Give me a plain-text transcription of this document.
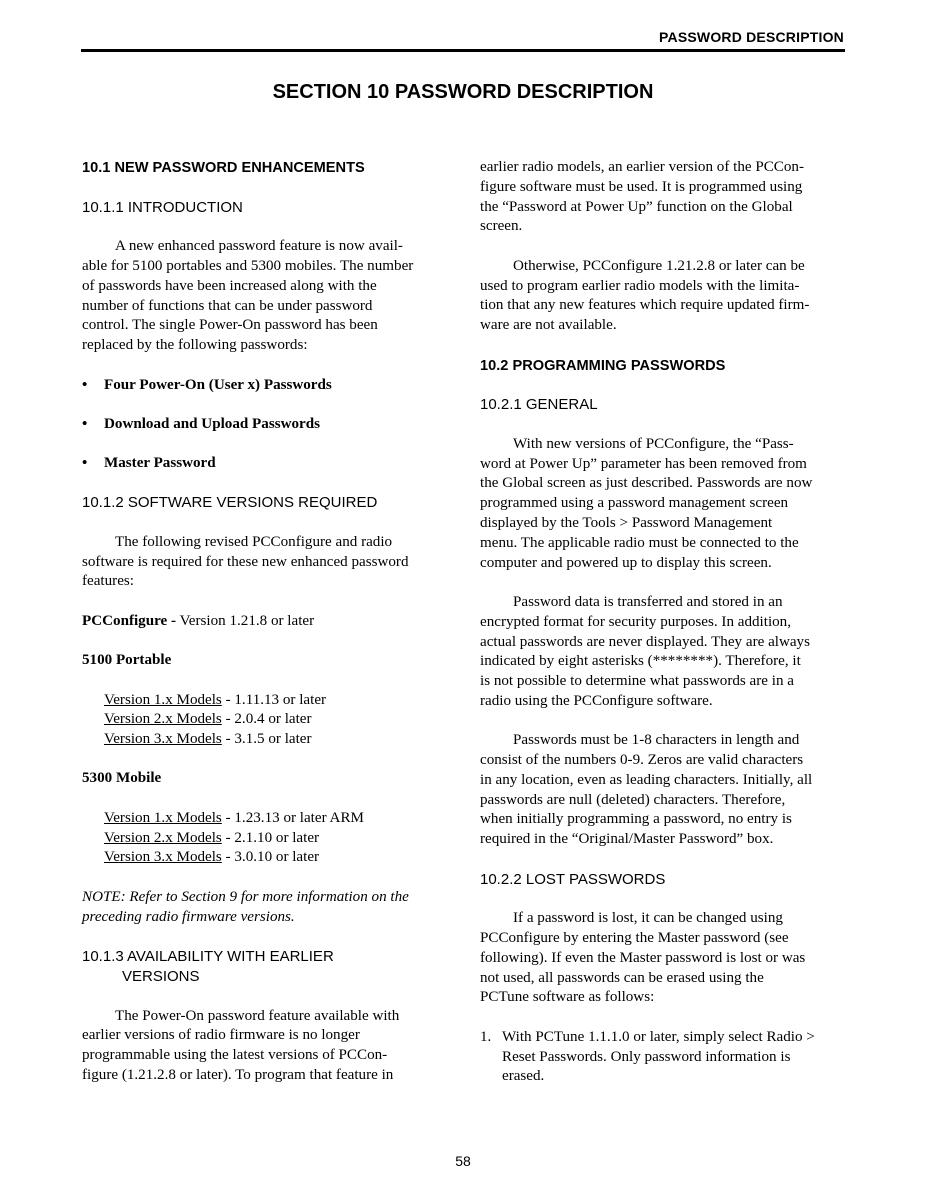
PASSWORD DESCRIPTION
SECTION 10 PASSWORD DESCRIPTION

10.1 NEW PASSWORD ENHANCEMENTS

10.1.1 INTRODUCTION

A new enhanced password feature is now avail-
able for 5100 portables and 5300 mobiles. The number
of passwords have been increased along with the
number of functions that can be under password
control. The single Power-On password has been
replaced by the following passwords:

• Four Power-On (User x) Passwords

• Download and Upload Passwords

• Master Password

10.1.2 SOFTWARE VERSIONS REQUIRED

The following revised PCConfigure and radio
software is required for these new enhanced password
features:

PCConfigure - Version 1.21.8 or later

5100 Portable

Version 1.x Models - 1.11.13 or later
Version 2.x Models - 2.0.4 or later
Version 3.x Models - 3.1.5 or later

5300 Mobile

Version 1.x Models - 1.23.13 or later ARM
Version 2.x Models - 2.1.10 or later
Version 3.x Models - 3.0.10 or later

NOTE: Refer to Section 9 for more information on the
preceding radio firmware versions.

10.1.3 AVAILABILITY WITH EARLIER
VERSIONS

The Power-On password feature available with
earlier versions of radio firmware is no longer
programmable using the latest versions of PCCon-
figure (1.21.2.8 or later). To program that feature in

earlier radio models, an earlier version of the PCCon-
figure software must be used. It is programmed using
the “Password at Power Up” function on the Global
screen.

Otherwise, PCConfigure 1.21.2.8 or later can be
used to program earlier radio models with the limita-
tion that any new features which require updated firm-
ware are not available.

10.2 PROGRAMMING PASSWORDS

10.2.1 GENERAL

With new versions of PCConfigure, the “Pass-
word at Power Up” parameter has been removed from
the Global screen as just described. Passwords are now
programmed using a password management screen
displayed by the Tools > Password Management
menu. The applicable radio must be connected to the
computer and powered up to display this screen.

Password data is transferred and stored in an
encrypted format for security purposes. In addition,
actual passwords are never displayed. They are always
indicated by eight asterisks (********). Therefore, it
is not possible to determine what passwords are in a
radio using the PCConfigure software.

Passwords must be 1-8 characters in length and
consist of the numbers 0-9. Zeros are valid characters
in any location, even as leading characters. Initially, all
passwords are null (deleted) characters. Therefore,
when initially programming a password, no entry is
required in the “Original/Master Password” box.

10.2.2 LOST PASSWORDS

If a password is lost, it can be changed using
PCConfigure by entering the Master password (see
following). If even the Master password is lost or was
not used, all passwords can be erased using the
PCTune software as follows:

1. With PCTune 1.1.1.0 or later, simply select Radio >
Reset Passwords. Only password information is
erased.
58
